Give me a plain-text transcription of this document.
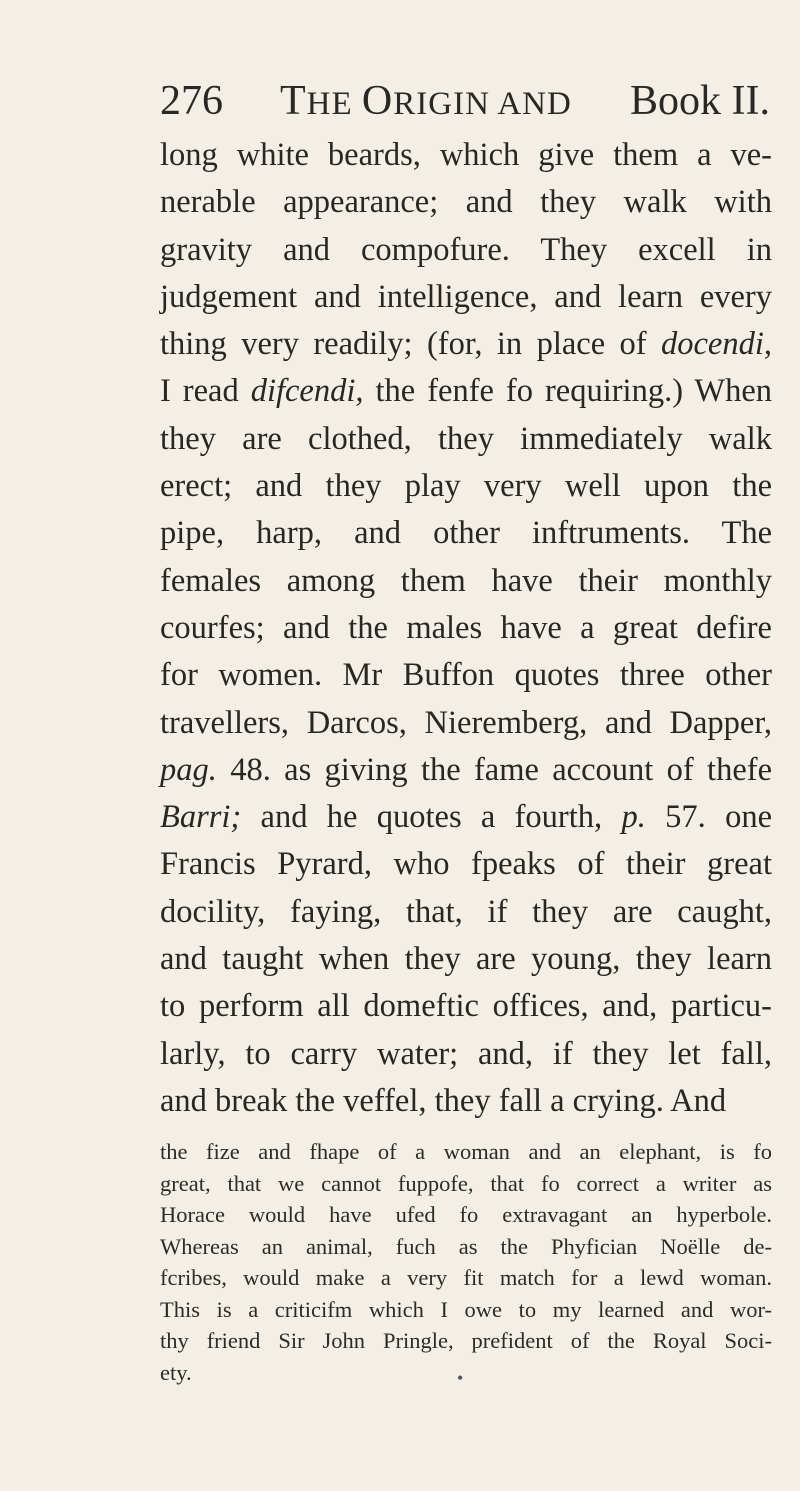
276 THE ORIGIN AND Book II.
long white beards, which give them a ve-
nerable appearance; and they walk with
gravity and compofure. They excell in
judgement and intelligence, and learn every
thing very readily; (for, in place of docendi,
I read difcendi, the fenfe fo requiring.) When
they are clothed, they immediately walk
erect; and they play very well upon the
pipe, harp, and other inftruments. The
females among them have their monthly
courfes; and the males have a great defire
for women. Mr Buffon quotes three other
travellers, Darcos, Nieremberg, and Dapper,
pag. 48. as giving the fame account of thefe
Barri; and he quotes a fourth, p. 57. one
Francis Pyrard, who fpeaks of their great
docility, faying, that, if they are caught,
and taught when they are young, they learn
to perform all domeftic offices, and, particu-
larly, to carry water; and, if they let fall,
and break the veffel, they fall a crying. And
the fize and fhape of a woman and an elephant, is fo
great, that we cannot fuppofe, that fo correct a writer as
Horace would have ufed fo extravagant an hyperbole.
Whereas an animal, fuch as the Phyfician Noëlle de-
fcribes, would make a very fit match for a lewd woman.
This is a criticifm which I owe to my learned and wor-
thy friend Sir John Pringle, prefident of the Royal Soci-
ety.	•
